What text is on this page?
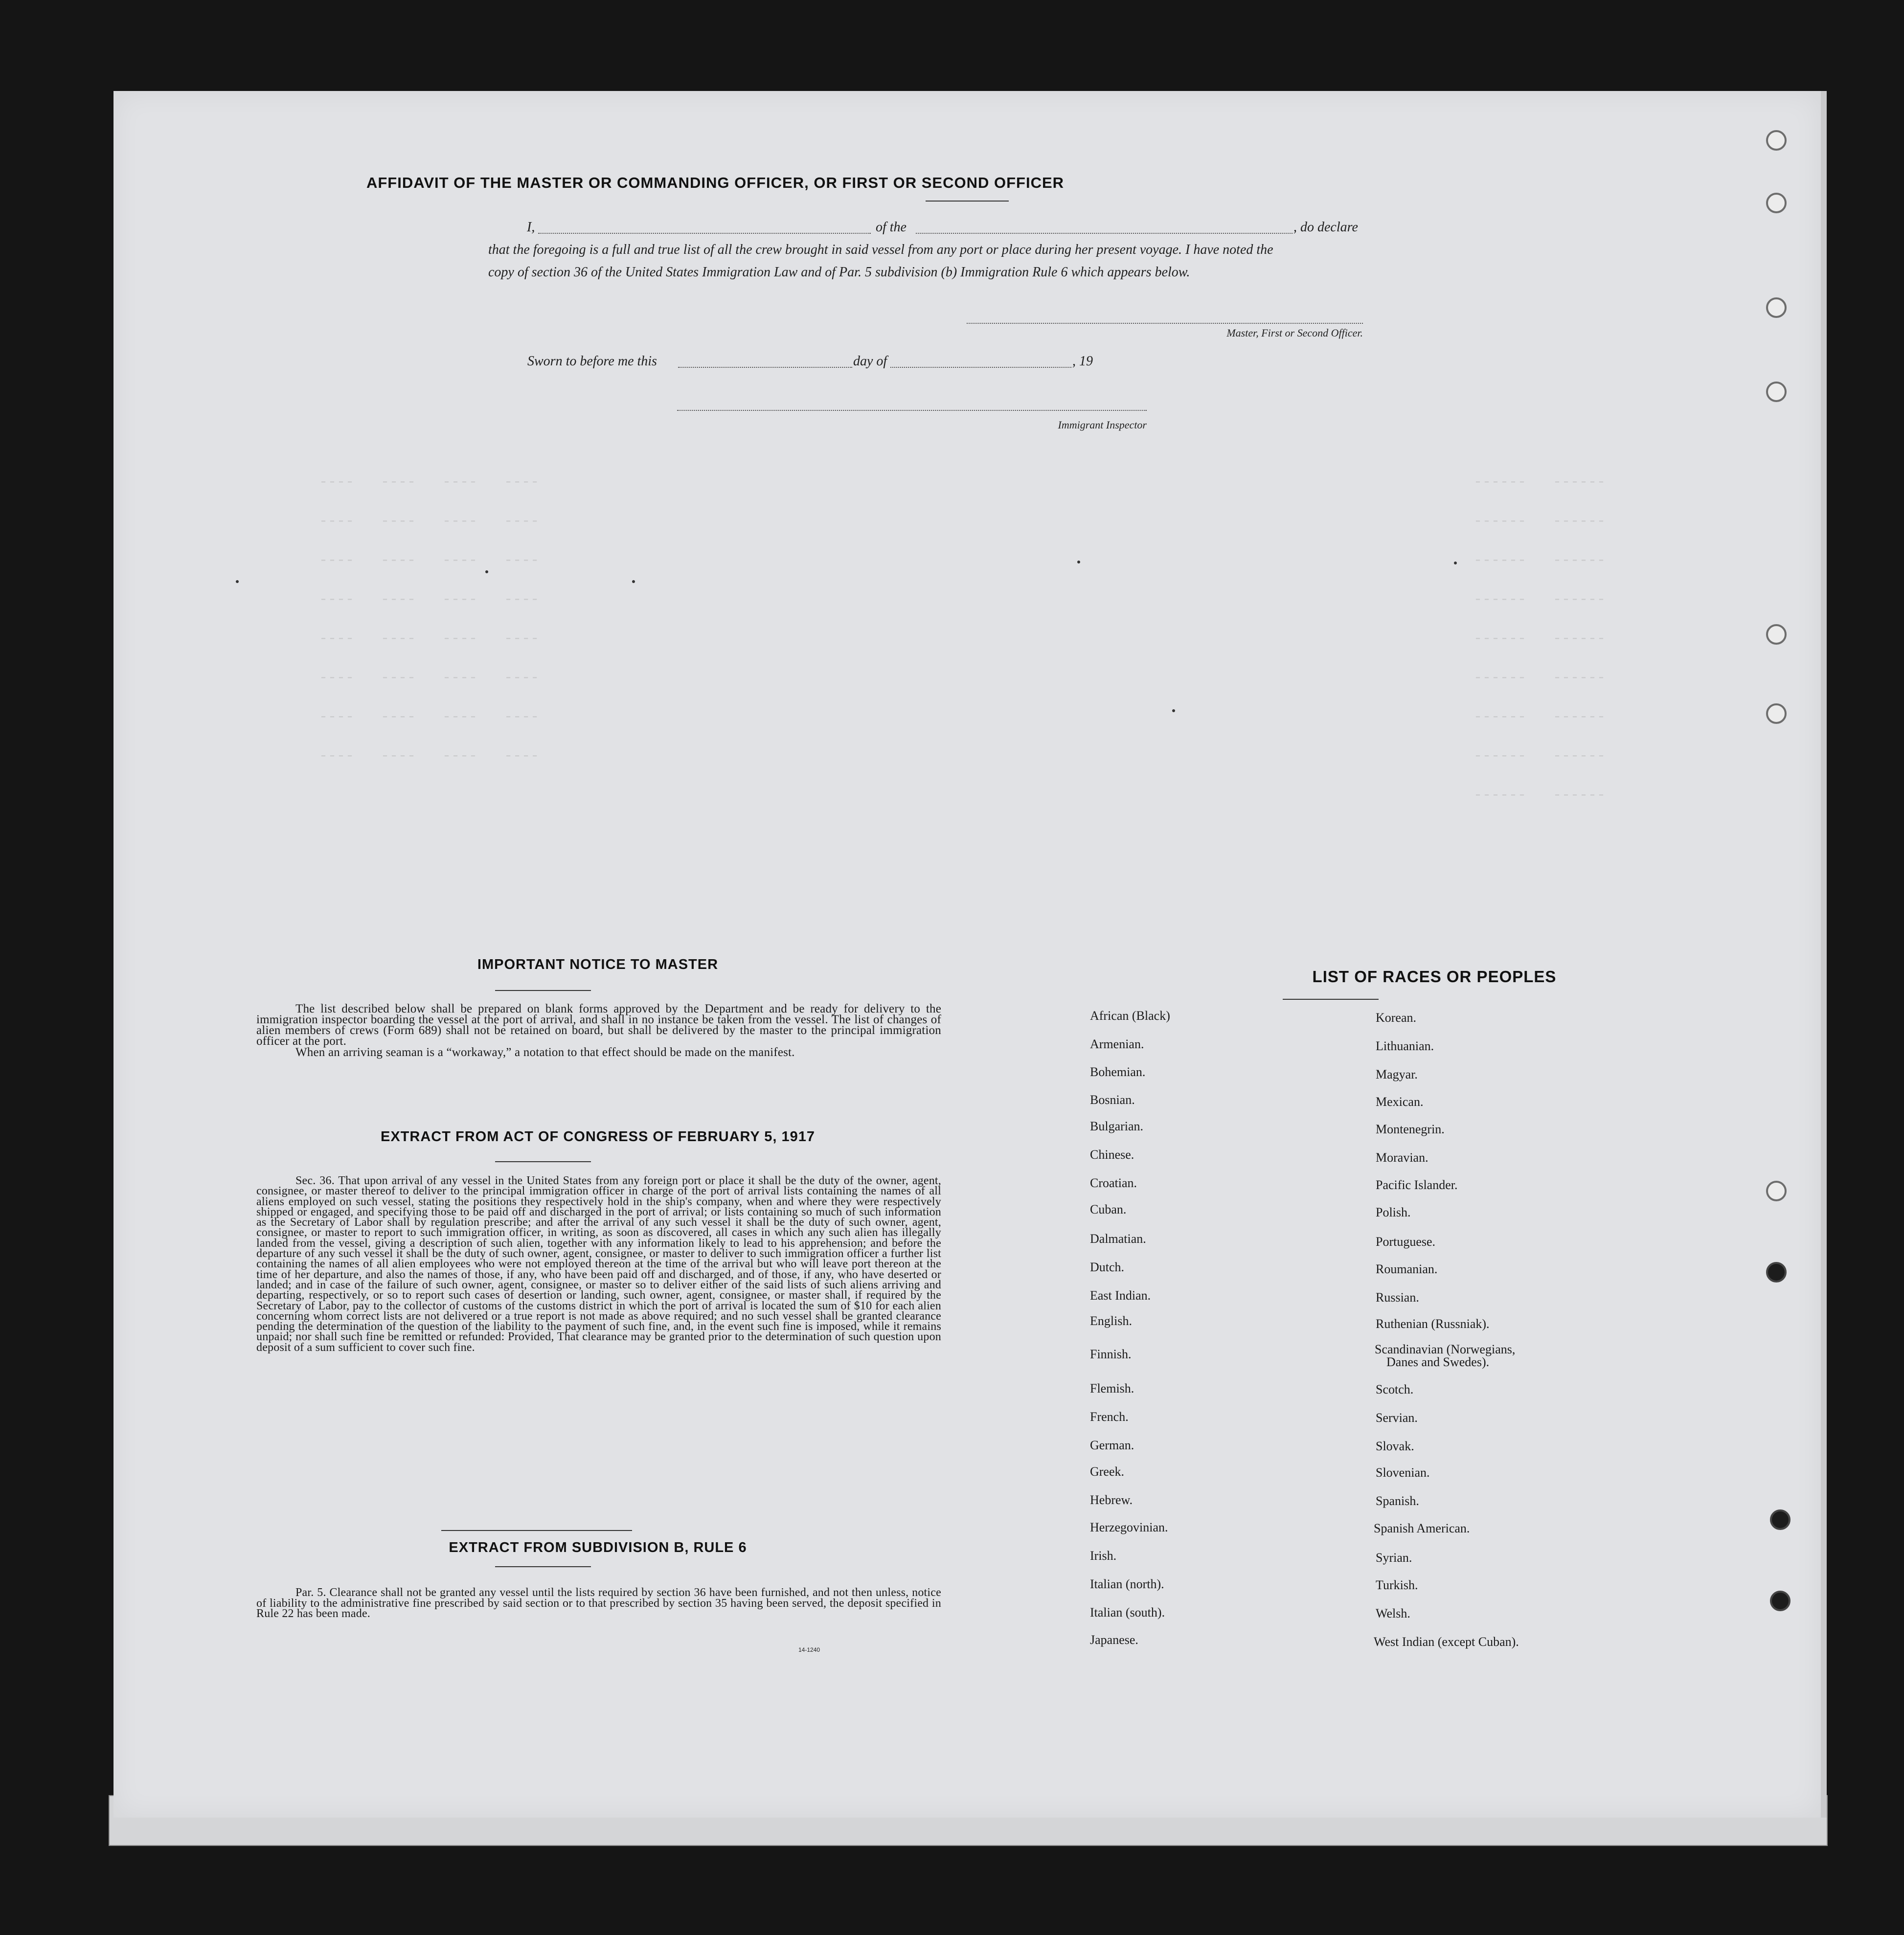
----   ----   ----   ----
----   ----   ----   ----
----   ----   ----   ----
----   ----   ----   ----
----   ----   ----   ----
----   ----   ----   ----
----   ----   ----   ----
----   ----   ----   ----

------   ------
------   ------
------   ------
------   ------
------   ------
------   ------
------   ------
------   ------
------   ------

AFFIDAVIT OF THE MASTER OR COMMANDING OFFICER, OR FIRST OR SECOND OFFICER
I,	of the	, do declare
that the foregoing is a full and true list of all the crew brought in said vessel from any port or place during her present voyage. I have noted the
copy of section 36 of the United States Immigration Law and of Par. 5 subdivision (b) Immigration Rule 6 which appears below.
Master, First or Second Officer.
Sworn to before me this	day of	, 19
Immigrant Inspector
IMPORTANT NOTICE TO MASTER
The list described below shall be prepared on blank forms approved by the Department and be ready for delivery to the immigration inspector boarding the vessel at the port of arrival, and shall in no instance be taken from the vessel. The list of changes of alien members of crews (Form 689) shall not be retained on board, but shall be delivered by the master to the principal immigration officer at the port.
When an arriving seaman is a “workaway,” a notation to that effect should be made on the manifest.
EXTRACT FROM ACT OF CONGRESS OF FEBRUARY 5, 1917
Sec. 36. That upon arrival of any vessel in the United States from any foreign port or place it shall be the duty of the owner, agent, consignee, or master thereof to deliver to the principal immigration officer in charge of the port of arrival lists containing the names of all aliens employed on such vessel, stating the positions they respectively hold in the ship's company, when and where they were respectively shipped or engaged, and specifying those to be paid off and discharged in the port of arrival; or lists containing so much of such information as the Secretary of Labor shall by regulation prescribe; and after the arrival of any such vessel it shall be the duty of such owner, agent, consignee, or master to report to such immigration officer, in writing, as soon as discovered, all cases in which any such alien has illegally landed from the vessel, giving a description of such alien, together with any information likely to lead to his apprehension; and before the departure of any such vessel it shall be the duty of such owner, agent, consignee, or master to deliver to such immigration officer a further list containing the names of all alien employees who were not employed thereon at the time of the arrival but who will leave port thereon at the time of her departure, and also the names of those, if any, who have been paid off and discharged, and of those, if any, who have deserted or landed; and in case of the failure of such owner, agent, consignee, or master so to deliver either of the said lists of such aliens arriving and departing, respectively, or so to report such cases of desertion or landing, such owner, agent, consignee, or master shall, if required by the Secretary of Labor, pay to the collector of customs of the customs district in which the port of arrival is located the sum of $10 for each alien concerning whom correct lists are not delivered or a true report is not made as above required; and no such vessel shall be granted clearance pending the determination of the question of the liability to the payment of such fine, and, in the event such fine is imposed, while it remains unpaid; nor shall such fine be remitted or refunded: Provided, That clearance may be granted prior to the determination of such question upon deposit of a sum sufficient to cover such fine.
EXTRACT FROM SUBDIVISION B, RULE 6
Par. 5. Clearance shall not be granted any vessel until the lists required by section 36 have been furnished, and not then unless, notice of liability to the administrative fine prescribed by said section or to that prescribed by section 35 having been served, the deposit specified in Rule 22 has been made.
14-1240
LIST OF RACES OR PEOPLES
African (Black)
Armenian.
Bohemian.
Bosnian.
Bulgarian.
Chinese.
Croatian.
Cuban.
Dalmatian.
Dutch.
East Indian.
English.
Finnish.
Flemish.
French.
German.
Greek.
Hebrew.
Herzegovinian.
Irish.
Italian (north).
Italian (south).
Japanese.
Korean.
Lithuanian.
Magyar.
Mexican.
Montenegrin.
Moravian.
Pacific Islander.
Polish.
Portuguese.
Roumanian.
Russian.
Ruthenian (Russniak).
Scandinavian (Norwegians,
Danes and Swedes).
Scotch.
Servian.
Slovak.
Slovenian.
Spanish.
Spanish American.
Syrian.
Turkish.
Welsh.
West Indian (except Cuban).
